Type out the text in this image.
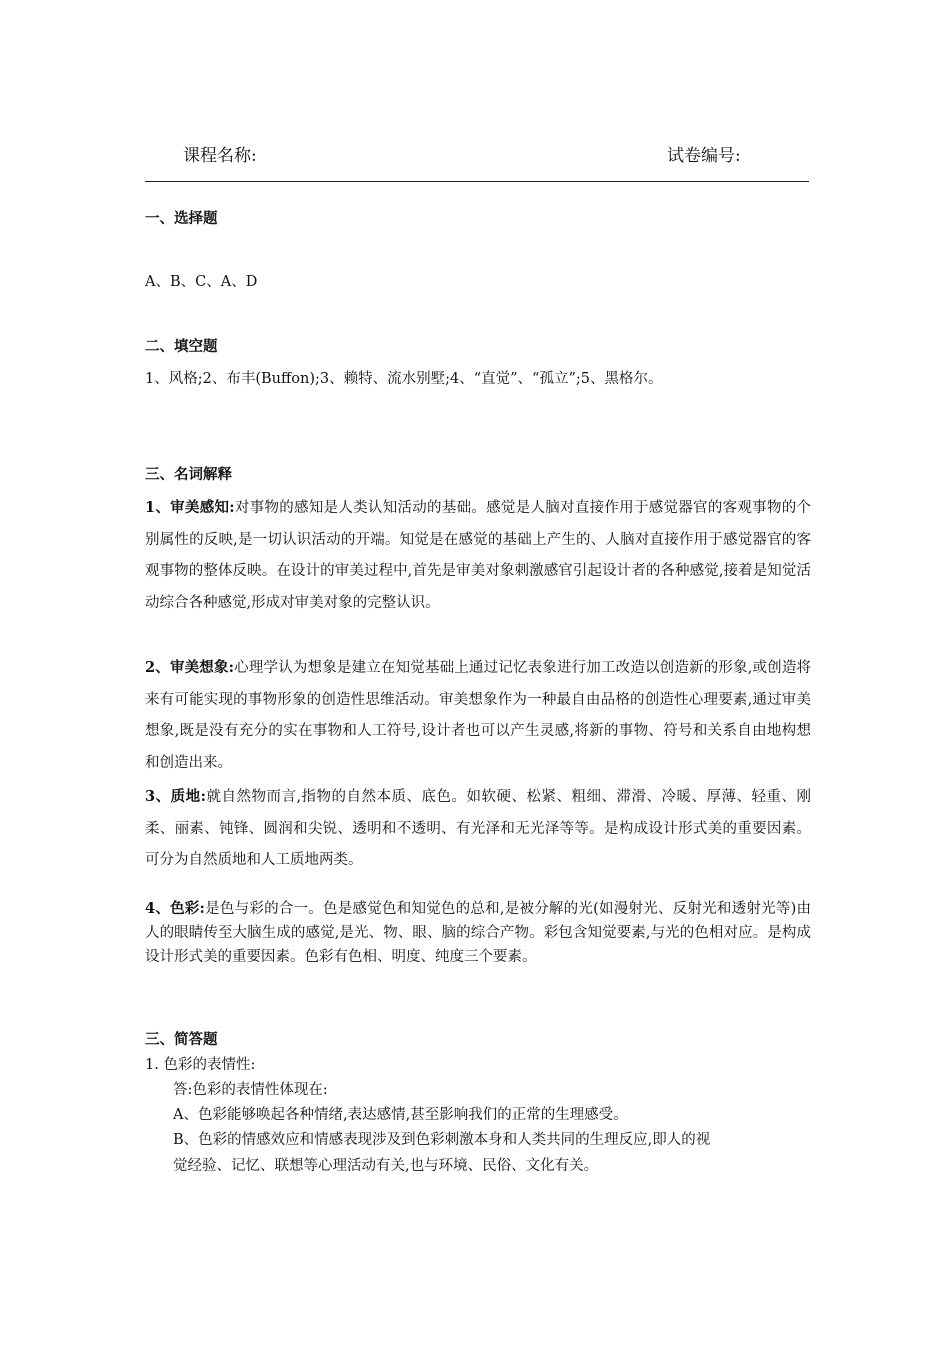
课程名称:	试卷编号:
一、选择题
A、B、C、A、D
二、填空题
1、风格;2、布丰(Buffon);3、赖特、流水别墅;4、“直觉”、“孤立”;5、黑格尔。
三、名词解释
1、审美感知:对事物的感知是人类认知活动的基础。感觉是人脑对直接作用于感觉器官的客观事物的个别属性的反映,是一切认识活动的开端。知觉是在感觉的基础上产生的、人脑对直接作用于感觉器官的客观事物的整体反映。在设计的审美过程中,首先是审美对象刺激感官引起设计者的各种感觉,接着是知觉活动综合各种感觉,形成对审美对象的完整认识。
2、审美想象:心理学认为想象是建立在知觉基础上通过记忆表象进行加工改造以创造新的形象,或创造将来有可能实现的事物形象的创造性思维活动。审美想象作为一种最自由品格的创造性心理要素,通过审美想象,既是没有充分的实在事物和人工符号,设计者也可以产生灵感,将新的事物、符号和关系自由地构想和创造出来。
3、质地:就自然物而言,指物的自然本质、底色。如软硬、松紧、粗细、滞滑、冷暖、厚薄、轻重、刚柔、丽素、钝锋、圆润和尖锐、透明和不透明、有光泽和无光泽等等。是构成设计形式美的重要因素。可分为自然质地和人工质地两类。
4、色彩:是色与彩的合一。色是感觉色和知觉色的总和,是被分解的光(如漫射光、反射光和透射光等)由人的眼睛传至大脑生成的感觉,是光、物、眼、脑的综合产物。彩包含知觉要素,与光的色相对应。是构成设计形式美的重要因素。色彩有色相、明度、纯度三个要素。
三、简答题
1. 色彩的表情性:
答:色彩的表情性体现在:
A、色彩能够唤起各种情绪,表达感情,甚至影响我们的正常的生理感受。
B、色彩的情感效应和情感表现涉及到色彩刺激本身和人类共同的生理反应,即人的视
觉经验、记忆、联想等心理活动有关,也与环境、民俗、文化有关。
